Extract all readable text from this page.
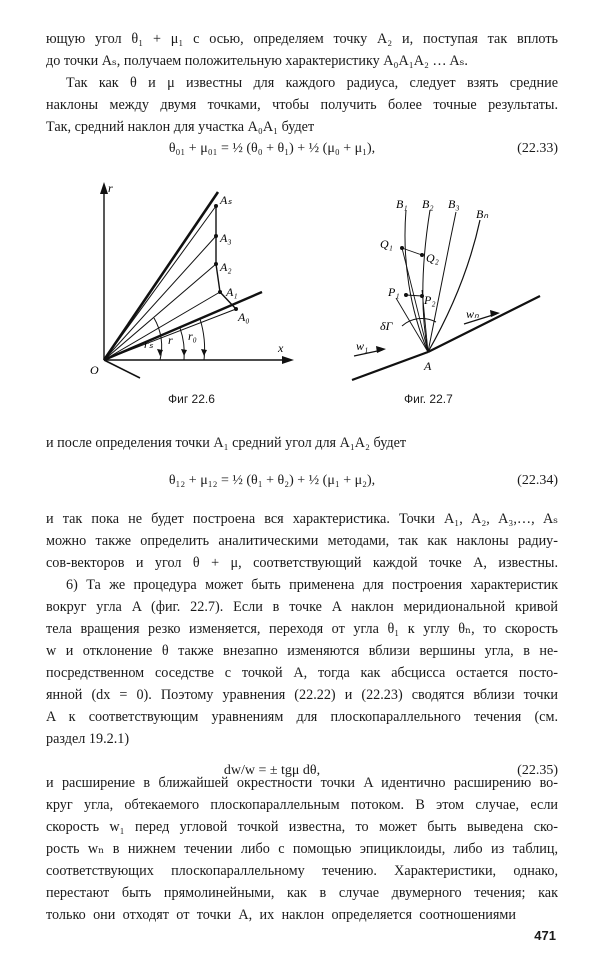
ющую угол θ₁ + μ₁ с осью, определяем точку A₂ и, поступая так вплоть
до точки Aₛ, получаем положительную характеристику A₀A₁A₂ … Aₛ.
Так как θ и μ известны для каждого радиуса, следует взять средние
наклоны между двумя точками, чтобы получить более точные результаты.
Так, средний наклон для участка A₀A₁ будет
θ₀₁ + μ₀₁ = ½ (θ₀ + θ₁) + ½ (μ₀ + μ₁),	(22.33)
r
x
O
Aₛ
A₃
A₂
A₁
A₀
rₛ r r₀
Фиг 22.6
B₁ B₂ B₃
Bₙ
Q₁
Q₂
P₁
P₂
δΓ
wₙ
w₁
A
Фиг. 22.7
и после определения точки A₁ средний угол для A₁A₂ будет
θ₁₂ + μ₁₂ = ½ (θ₁ + θ₂) + ½ (μ₁ + μ₂),	(22.34)
и так пока не будет построена вся характеристика. Точки A₁, A₂, A₃,…, Aₛ
можно также определить аналитическими методами, так как наклоны радиу-
сов-векторов и угол θ + μ, соответствующий каждой точке A, известны.
6) Та же процедура может быть применена для построения характеристик
вокруг угла A (фиг. 22.7). Если в точке A наклон меридиональной кривой
тела вращения резко изменяется, переходя от угла θ₁ к углу θₙ, то скорость
w и отклонение θ также внезапно изменяются вблизи вершины угла, в не-
посредственном соседстве с точкой A, тогда как абсцисса остается посто-
янной (dx = 0). Поэтому уравнения (22.22) и (22.23) сводятся вблизи точки
A к соответствующим уравнениям для плоскопараллельного течения (см.
раздел 19.2.1)
dw/w = ± tgμ dθ,	(22.35)
и расширение в ближайшей окрестности точки A идентично расширению во-
круг угла, обтекаемого плоскопараллельным потоком. В этом случае, если
скорость w₁ перед угловой точкой известна, то может быть выведена ско-
рость wₙ в нижнем течении либо с помощью эпициклоиды, либо из таблиц,
соответствующих плоскопараллельному течению. Характеристики, однако,
перестают быть прямолинейными, как в случае двумерного течения; как
только они отходят от точки A, их наклон определяется соотношениями
471
